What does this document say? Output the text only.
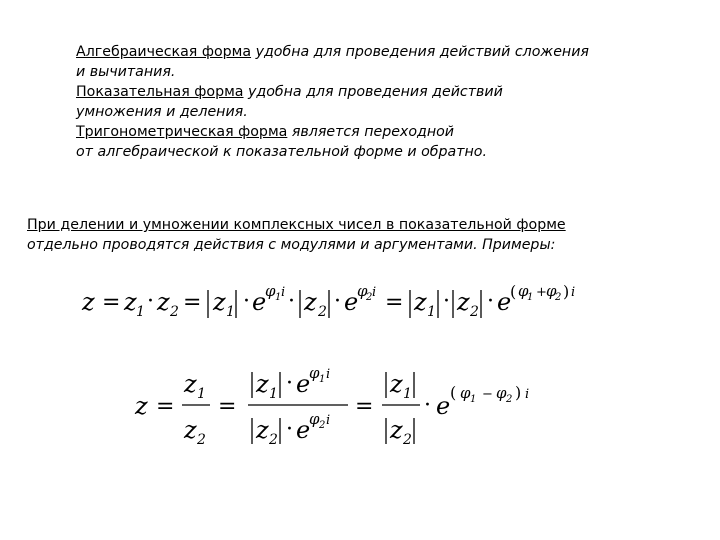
Алгебраическая форма удобна для проведения действий сложения
и вычитания.
Показательная форма удобна для проведения действий
умножения и деления.
Тригонометрическая форма является переходной
от алгебраической к показательной форме и обратно.
При делении и умножении комплексных чисел в показательной форме
отдельно проводятся действия с модулями и аргументами. Примеры:
z = z 1 · z 2 = z 1 · e
φ 1 i · z 2 · e
φ
2 i = z 1 · z 2 · e
( φ
1 + φ
2 ) i
z =
z 1
z 2
=
z 1 · e
φ 1 i
z 2 · e
φ 2 i
=
z 1
z 2
· e ( φ 1 − φ 2 ) i
